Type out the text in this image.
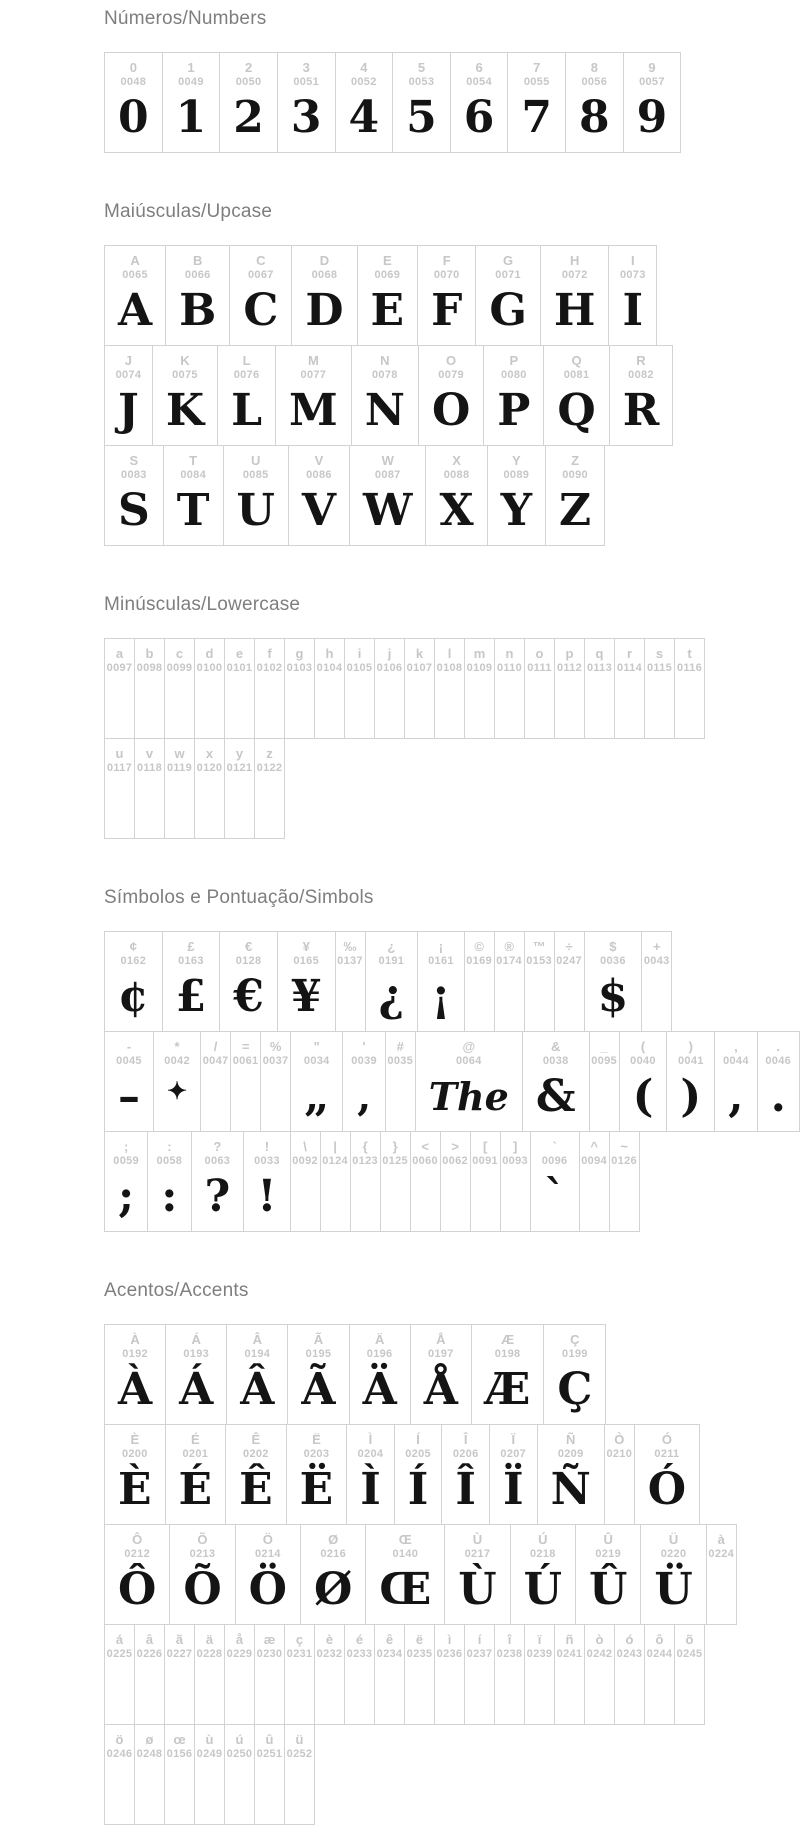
Números/Numbers
0
0048
0
1
0049
1
2
0050
2
3
0051
3
4
0052
4
5
0053
5
6
0054
6
7
0055
7
8
0056
8
9
0057
9
Maiúsculas/Upcase
A
0065
A
B
0066
B
C
0067
C
D
0068
D
E
0069
E
F
0070
F
G
0071
G
H
0072
H
I
0073
I
J
0074
J
K
0075
K
L
0076
L
M
0077
M
N
0078
N
O
0079
O
P
0080
P
Q
0081
Q
R
0082
R
S
0083
S
T
0084
T
U
0085
U
V
0086
V
W
0087
W
X
0088
X
Y
0089
Y
Z
0090
Z
Minúsculas/Lowercase
a
0097
b
0098
c
0099
d
0100
e
0101
f
0102
g
0103
h
0104
i
0105
j
0106
k
0107
l
0108
m
0109
n
0110
o
0111
p
0112
q
0113
r
0114
s
0115
t
0116
u
0117
v
0118
w
0119
x
0120
y
0121
z
0122
Símbolos e Pontuação/Simbols
¢
0162
¢
£
0163
£
€
0128
€
¥
0165
¥
‰
0137
¿
0191
¿
¡
0161
¡
©
0169
®
0174
™
0153
÷
0247
$
0036
$
+
0043
-
0045
–
*
0042
✦
/
0047
=
0061
%
0037
"
0034
„
'
0039
‚
#
0035
@
0064
The
&
0038
&
_
0095
(
0040
(
)
0041
)
,
0044
,
.
0046
.
;
0059
;
:
0058
:
?
0063
?
!
0033
!
\
0092
|
0124
{
0123
}
0125
<
0060
>
0062
[
0091
]
0093
`
0096
`
^
0094
~
0126
Acentos/Accents
À
0192
À
Á
0193
Á
Â
0194
Â
Ã
0195
Ã
Ä
0196
Ä
Å
0197
Å
Æ
0198
Æ
Ç
0199
Ç
È
0200
È
É
0201
É
Ê
0202
Ê
Ë
0203
Ë
Ì
0204
Ì
Í
0205
Í
Î
0206
Î
Ï
0207
Ï
Ñ
0209
Ñ
Ò
0210
Ó
0211
Ó
Ô
0212
Ô
Õ
0213
Õ
Ö
0214
Ö
Ø
0216
Ø
Œ
0140
Œ
Ù
0217
Ù
Ú
0218
Ú
Û
0219
Û
Ü
0220
Ü
à
0224
á
0225
â
0226
ã
0227
ä
0228
å
0229
æ
0230
ç
0231
è
0232
é
0233
ê
0234
ë
0235
ì
0236
í
0237
î
0238
ï
0239
ñ
0241
ò
0242
ó
0243
ô
0244
õ
0245
ö
0246
ø
0248
œ
0156
ù
0249
ú
0250
û
0251
ü
0252
